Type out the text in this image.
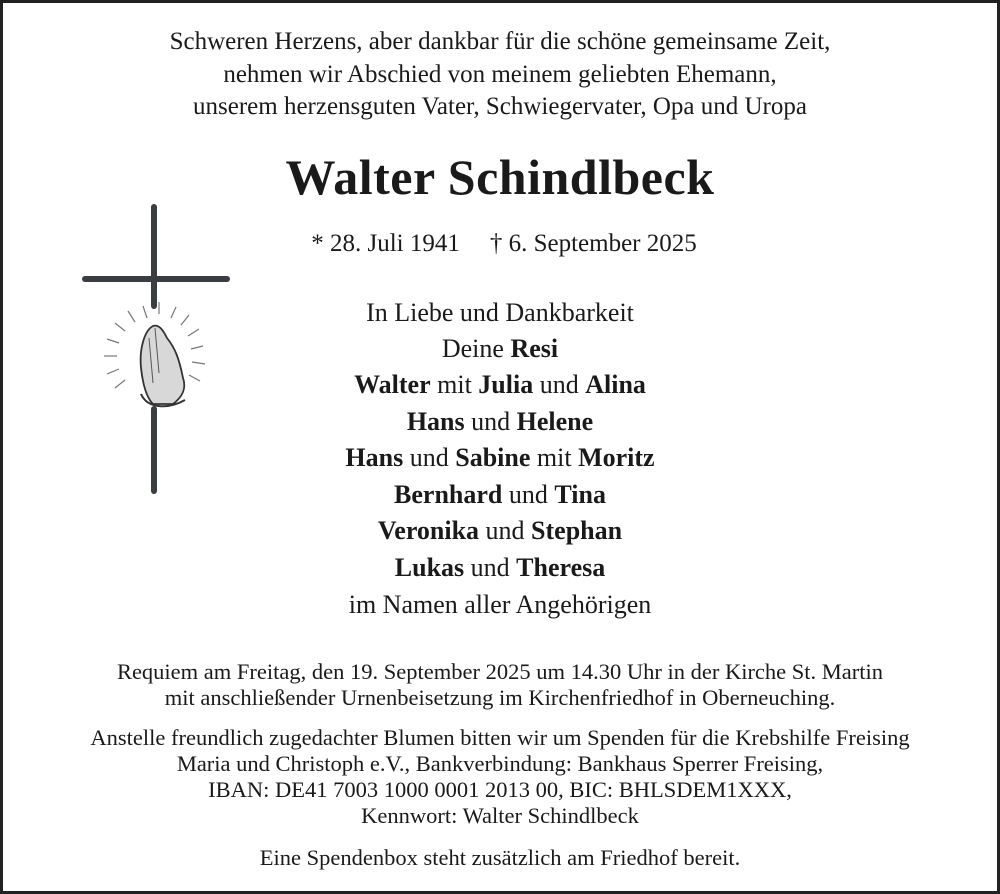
Schweren Herzens, aber dankbar für die schöne gemeinsame Zeit,
nehmen wir Abschied von meinem geliebten Ehemann,
unserem herzensguten Vater, Schwiegervater, Opa und Uropa
Walter Schindlbeck
* 28. Juli 1941 † 6. September 2025
In Liebe und Dankbarkeit
Deine Resi
Walter mit Julia und Alina
Hans und Helene
Hans und Sabine mit Moritz
Bernhard und Tina
Veronika und Stephan
Lukas und Theresa
im Namen aller Angehörigen
Requiem am Freitag, den 19. September 2025 um 14.30 Uhr in der Kirche St. Martin
mit anschließender Urnenbeisetzung im Kirchenfriedhof in Oberneuching.
Anstelle freundlich zugedachter Blumen bitten wir um Spenden für die Krebshilfe Freising
Maria und Christoph e.V., Bankverbindung: Bankhaus Sperrer Freising,
IBAN: DE41 7003 1000 0001 2013 00, BIC: BHLSDEM1XXX,
Kennwort: Walter Schindlbeck
Eine Spendenbox steht zusätzlich am Friedhof bereit.
